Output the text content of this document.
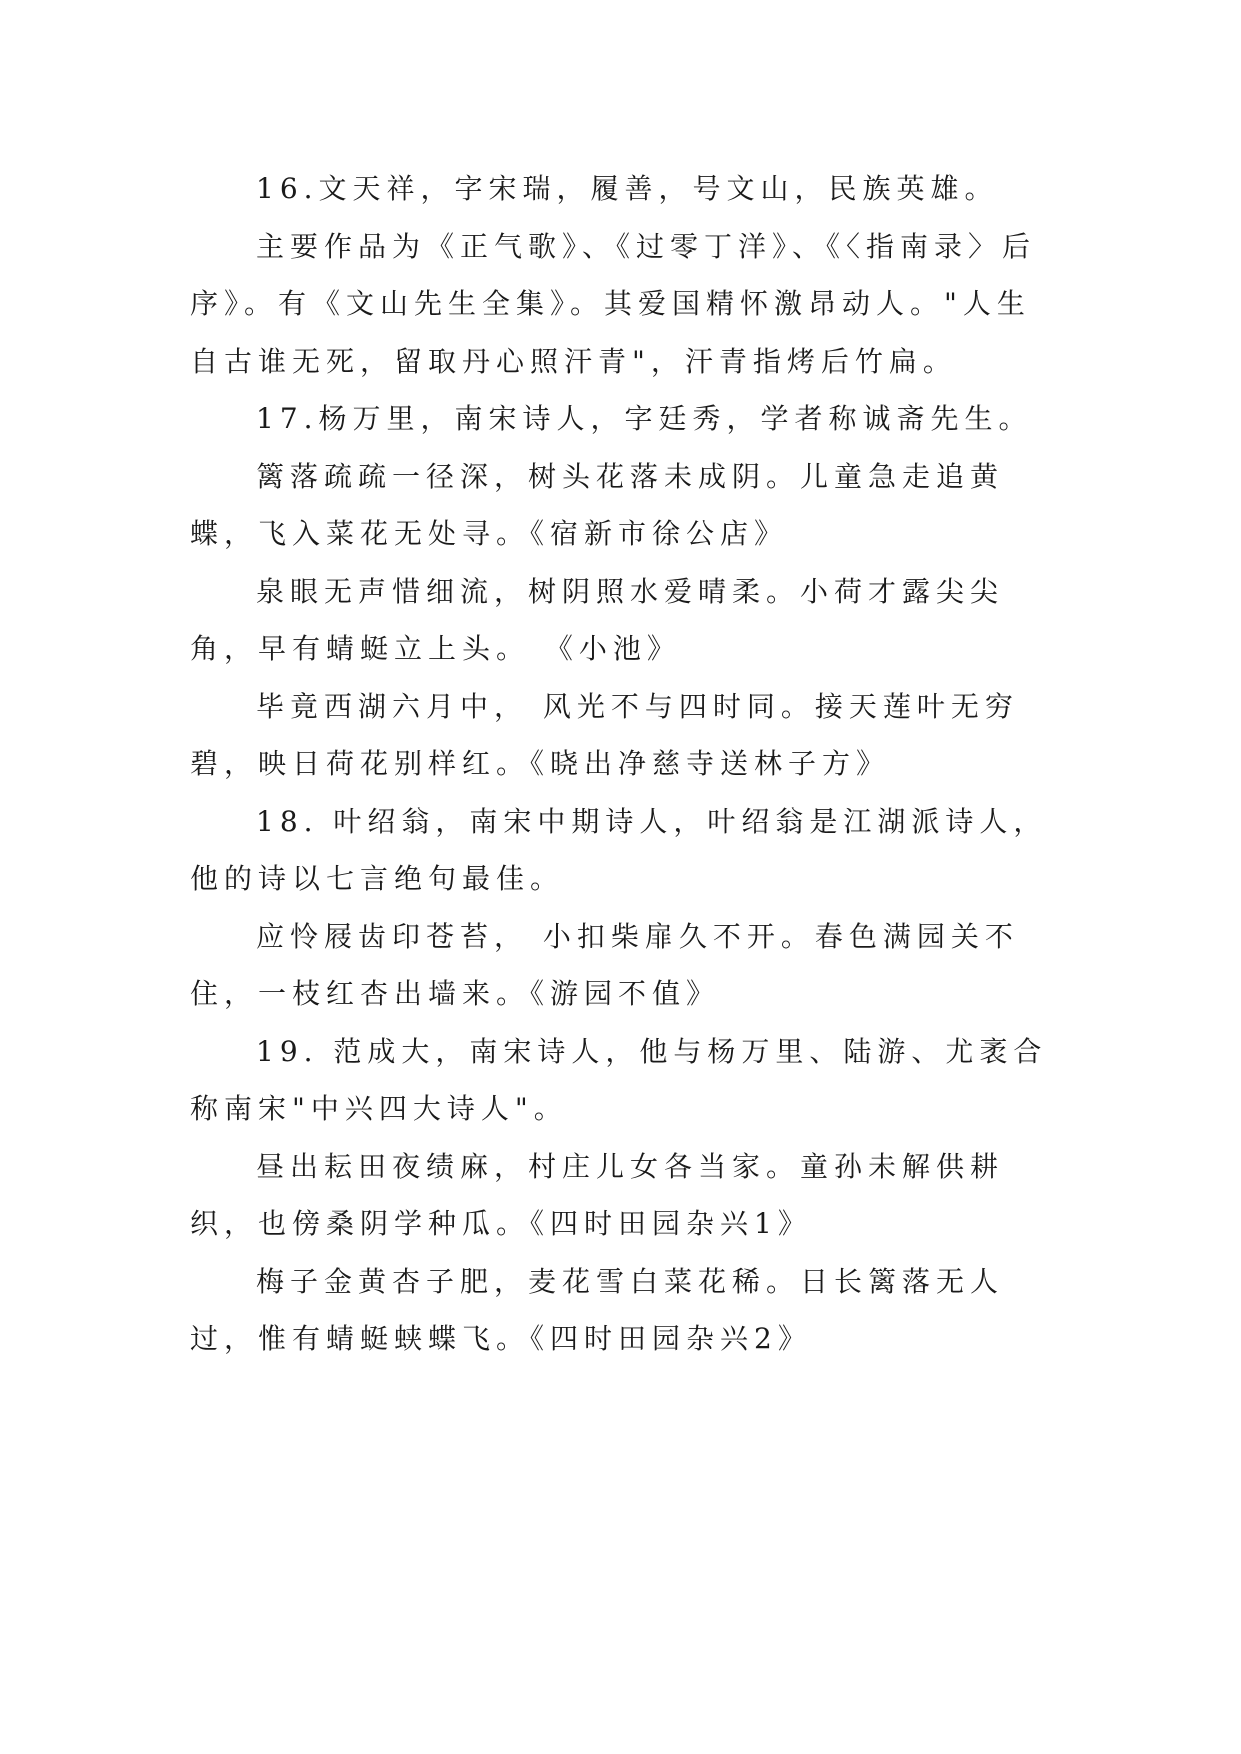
16.文天祥，字宋瑞，履善，号文山，民族英雄。

主要作品为《正气歌》、《过零丁洋》、《〈指南录〉后序》。有《文山先生全集》。其爱国精怀激昂动人。"人生自古谁无死，留取丹心照汗青"，汗青指烤后竹扁。

17.杨万里，南宋诗人，字廷秀，学者称诚斋先生。

篱落疏疏一径深，树头花落未成阴。儿童急走追黄蝶，飞入菜花无处寻。《宿新市徐公店》

泉眼无声惜细流，树阴照水爱晴柔。小荷才露尖尖角，早有蜻蜓立上头。 《小池》

毕竟西湖六月中， 风光不与四时同。接天莲叶无穷碧，映日荷花别样红。《晓出净慈寺送林子方》

18. 叶绍翁，南宋中期诗人，叶绍翁是江湖派诗人，他的诗以七言绝句最佳。

应怜屐齿印苍苔， 小扣柴扉久不开。春色满园关不住，一枝红杏出墙来。《游园不值》

19. 范成大，南宋诗人，他与杨万里、陆游、尤袤合称南宋"中兴四大诗人"。

昼出耘田夜绩麻，村庄儿女各当家。童孙未解供耕织，也傍桑阴学种瓜。《四时田园杂兴1》

梅子金黄杏子肥，麦花雪白菜花稀。日长篱落无人过，惟有蜻蜓蛱蝶飞。《四时田园杂兴2》
